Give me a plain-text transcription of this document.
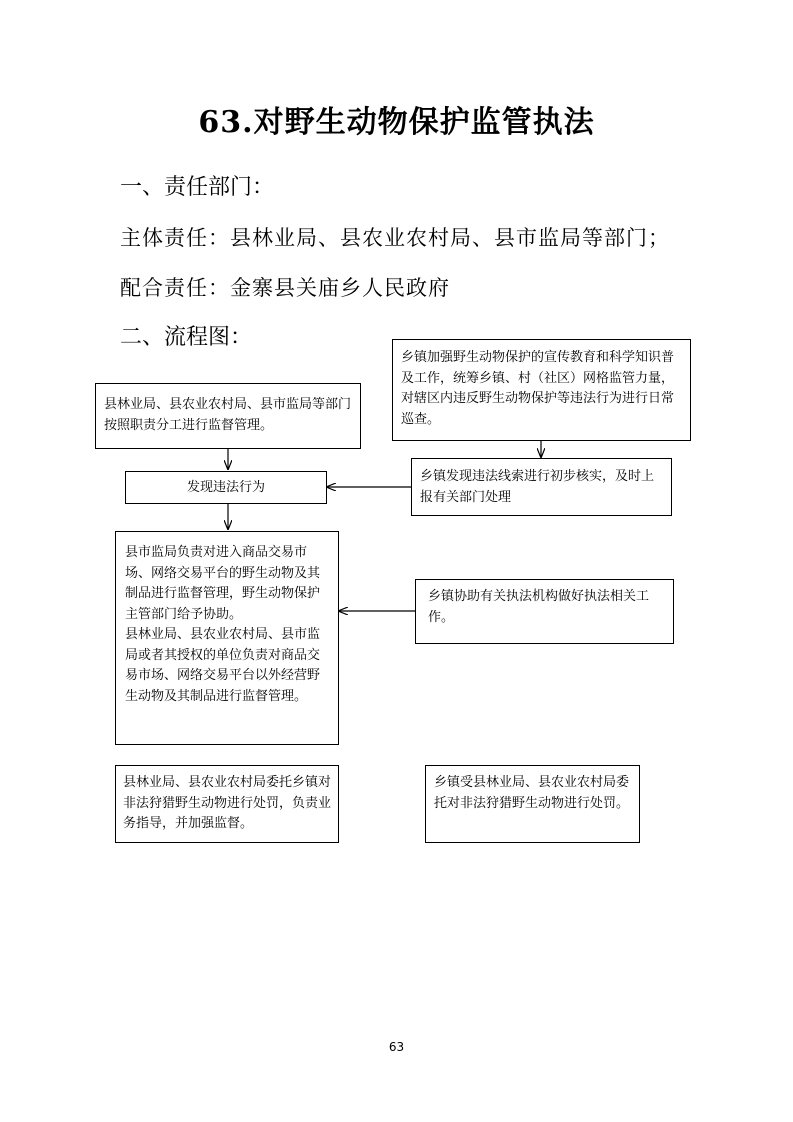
63.对野生动物保护监管执法
一、责任部门：
主体责任：县林业局、县农业农村局、县市监局等部门；
配合责任：金寨县关庙乡人民政府
二、流程图：
县林业局、县农业农村局、县市监局等部门按照职责分工进行监督管理。
乡镇加强野生动物保护的宣传教育和科学知识普及工作，统筹乡镇、村（社区）网格监管力量，对辖区内违反野生动物保护等违法行为进行日常巡查。
发现违法行为
乡镇发现违法线索进行初步核实，及时上报有关部门处理
县市监局负责对进入商品交易市场、网络交易平台的野生动物及其制品进行监督管理，野生动物保护主管部门给予协助。
县林业局、县农业农村局、县市监局或者其授权的单位负责对商品交易市场、网络交易平台以外经营野生动物及其制品进行监督管理。
乡镇协助有关执法机构做好执法相关工作。
县林业局、县农业农村局委托乡镇对非法狩猎野生动物进行处罚，负责业务指导，并加强监督。
乡镇受县林业局、县农业农村局委托对非法狩猎野生动物进行处罚。
63
